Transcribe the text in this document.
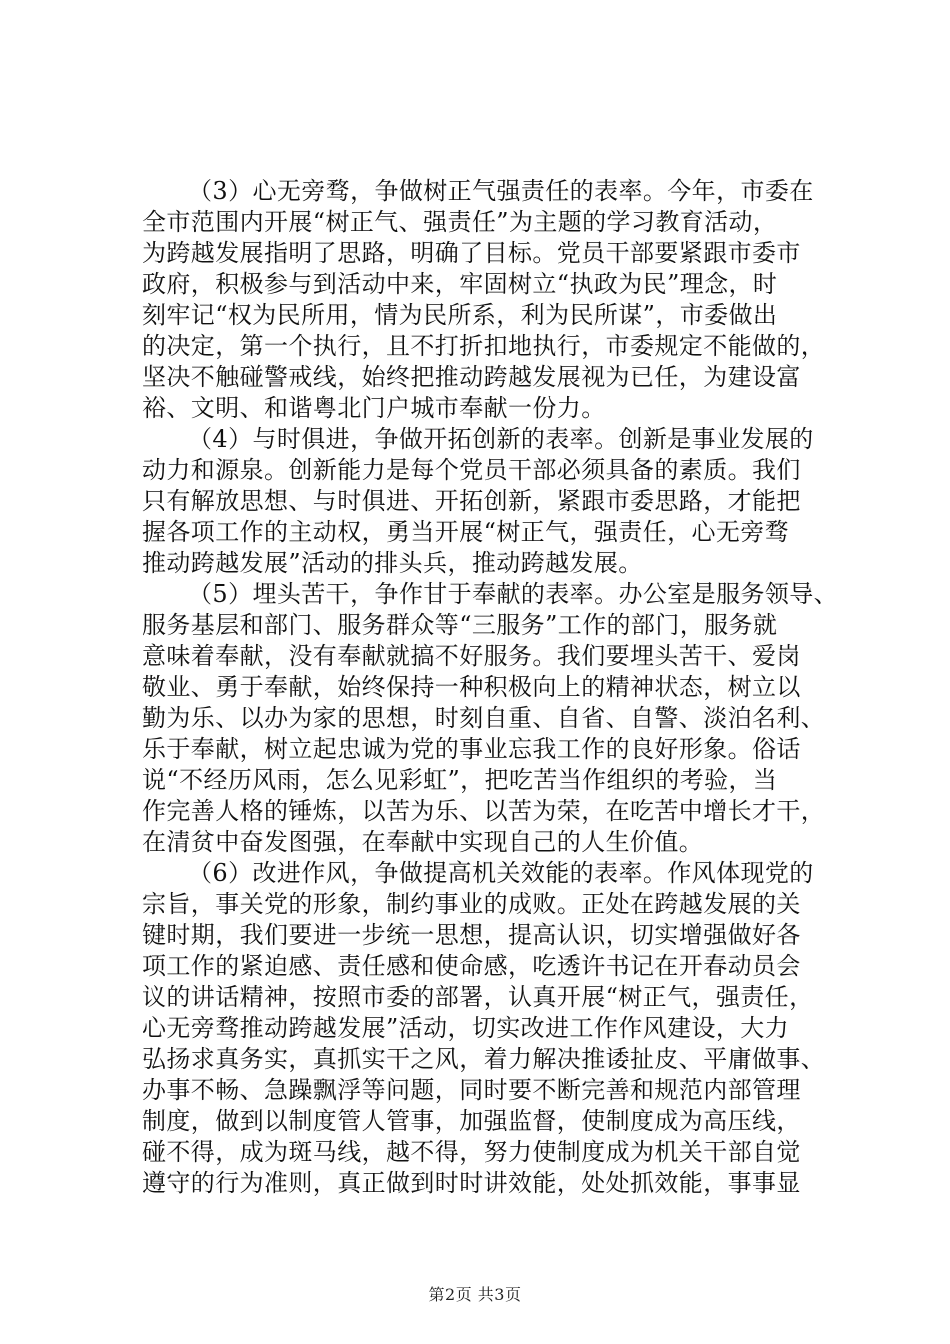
（3）心无旁骛，争做树正气强责任的表率。今年，市委在
全市范围内开展“树正气、强责任”为主题的学习教育活动，
为跨越发展指明了思路，明确了目标。党员干部要紧跟市委市
政府，积极参与到活动中来，牢固树立“执政为民”理念，时
刻牢记“权为民所用，情为民所系，利为民所谋”，市委做出
的决定，第一个执行，且不打折扣地执行，市委规定不能做的，
坚决不触碰警戒线，始终把推动跨越发展视为已任，为建设富
裕、文明、和谐粤北门户城市奉献一份力。
（4）与时俱进，争做开拓创新的表率。创新是事业发展的
动力和源泉。创新能力是每个党员干部必须具备的素质。我们
只有解放思想、与时俱进、开拓创新，紧跟市委思路，才能把
握各项工作的主动权，勇当开展“树正气，强责任，心无旁骛
推动跨越发展”活动的排头兵，推动跨越发展。
（5）埋头苦干，争作甘于奉献的表率。办公室是服务领导、
服务基层和部门、服务群众等“三服务”工作的部门，服务就
意味着奉献，没有奉献就搞不好服务。我们要埋头苦干、爱岗
敬业、勇于奉献，始终保持一种积极向上的精神状态，树立以
勤为乐、以办为家的思想，时刻自重、自省、自警、淡泊名利、
乐于奉献，树立起忠诚为党的事业忘我工作的良好形象。俗话
说“不经历风雨，怎么见彩虹”，把吃苦当作组织的考验，当
作完善人格的锤炼，以苦为乐、以苦为荣，在吃苦中增长才干，
在清贫中奋发图强，在奉献中实现自己的人生价值。
（6）改进作风，争做提高机关效能的表率。作风体现党的
宗旨，事关党的形象，制约事业的成败。正处在跨越发展的关
键时期，我们要进一步统一思想，提高认识，切实增强做好各
项工作的紧迫感、责任感和使命感，吃透许书记在开春动员会
议的讲话精神，按照市委的部署，认真开展“树正气，强责任，
心无旁骛推动跨越发展”活动，切实改进工作作风建设，大力
弘扬求真务实，真抓实干之风，着力解决推诿扯皮、平庸做事、
办事不畅、急躁飘浮等问题，同时要不断完善和规范内部管理
制度，做到以制度管人管事，加强监督，使制度成为高压线，
碰不得，成为斑马线，越不得，努力使制度成为机关干部自觉
遵守的行为准则，真正做到时时讲效能，处处抓效能，事事显
第2页 共3页
